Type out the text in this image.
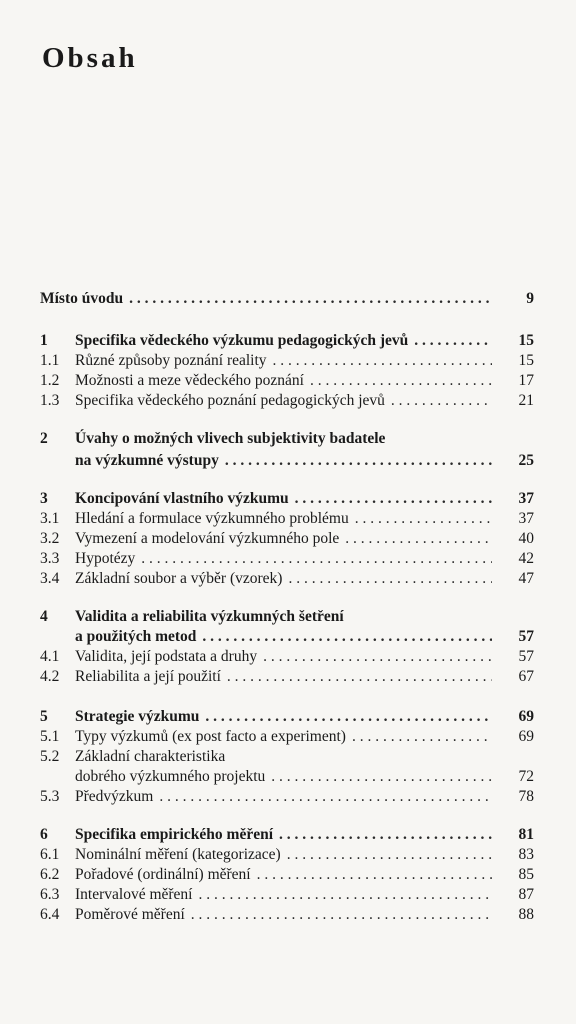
Obsah
Místo úvodu . . .	9
1 Specifika vědeckého výzkumu pedagogických jevů . . .	15
1.1 Různé způsoby poznání reality . . .	15
1.2 Možnosti a meze vědeckého poznání . . .	17
1.3 Specifika vědeckého poznání pedagogických jevů . . .	21
2 Úvahy o možných vlivech subjektivity badatele
na výzkumné výstupy . . .	25
3 Koncipování vlastního výzkumu . . .	37
3.1 Hledání a formulace výzkumného problému . . .	37
3.2 Vymezení a modelování výzkumného pole . . .	40
3.3 Hypotézy . . .	42
3.4 Základní soubor a výběr (vzorek) . . .	47
4 Validita a reliabilita výzkumných šetření
a použitých metod . . .	57
4.1 Validita, její podstata a druhy . . .	57
4.2 Reliabilita a její použití . . .	67
5 Strategie výzkumu . . .	69
5.1 Typy výzkumů (ex post facto a experiment) . . .	69
5.2 Základní charakteristika
dobrého výzkumného projektu . . .	72
5.3 Předvýzkum . . .	78
6 Specifika empirického měření . . .	81
6.1 Nominální měření (kategorizace) . . .	83
6.2 Pořadové (ordinální) měření . . .	85
6.3 Intervalové měření . . .	87
6.4 Poměrové měření . . .	88
